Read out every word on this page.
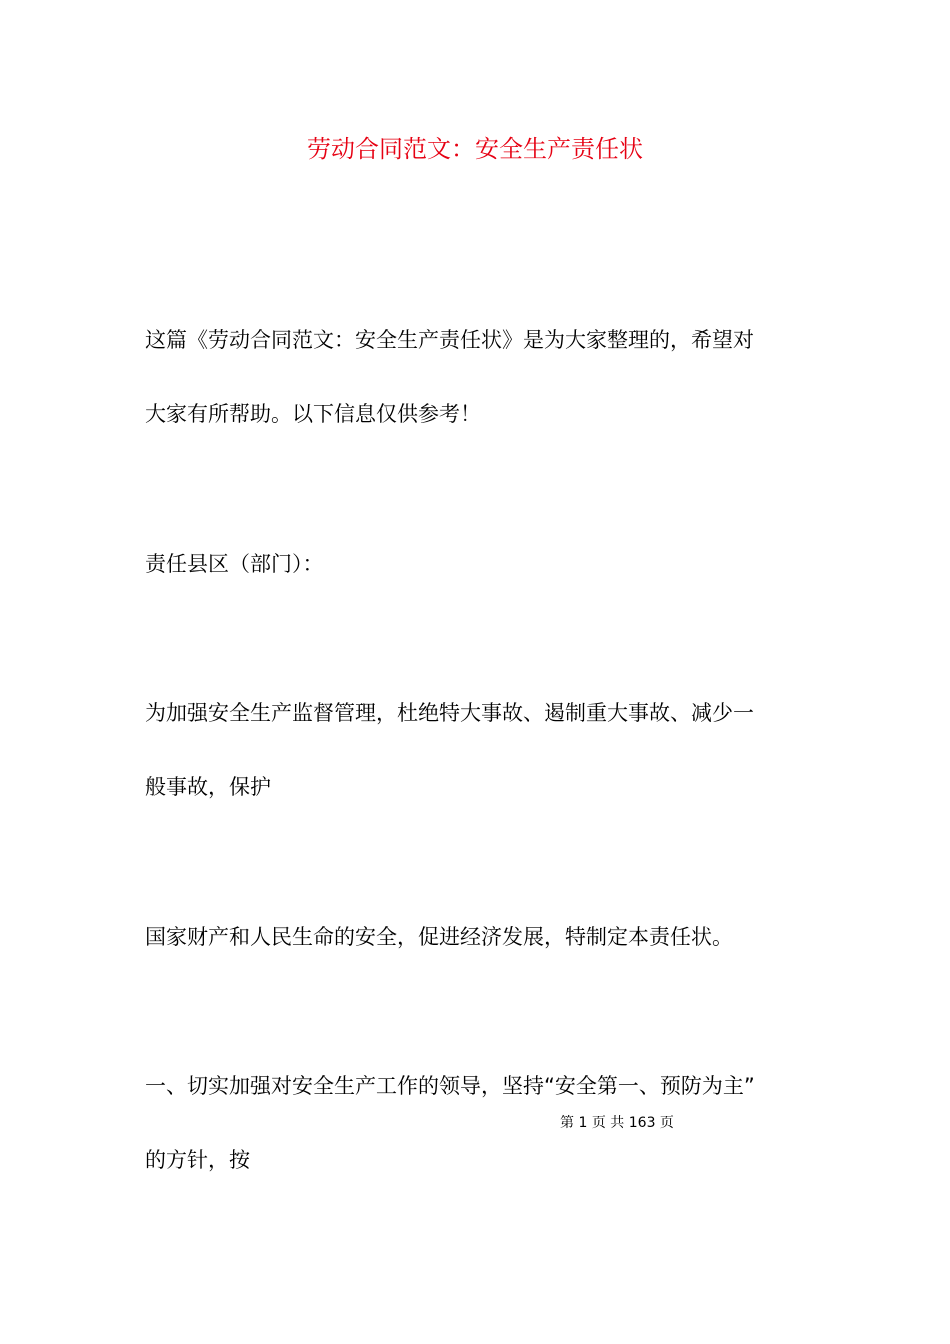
劳动合同范文：安全生产责任状
这篇《劳动合同范文：安全生产责任状》是为大家整理的，希望对
大家有所帮助。以下信息仅供参考！
责任县区（部门）：
为加强安全生产监督管理，杜绝特大事故、遏制重大事故、减少一
般事故，保护
国家财产和人民生命的安全，促进经济发展，特制定本责任状。
一、切实加强对安全生产工作的领导，坚持“安全第一、预防为主”
的方针，按
第 1 页 共 163 页
